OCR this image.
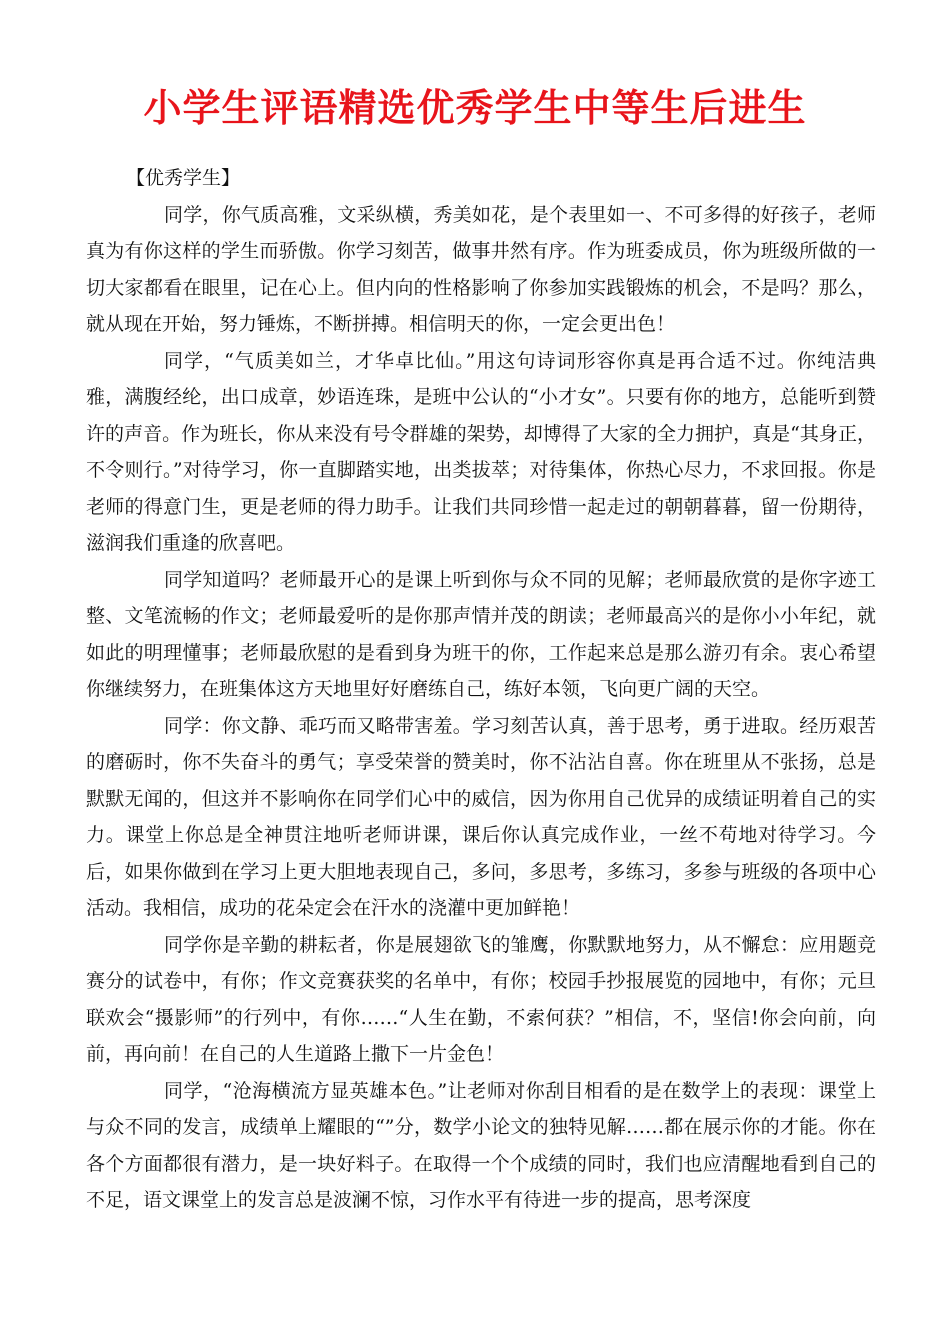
小学生评语精选优秀学生中等生后进生

【优秀学生】

同学，你气质高雅，文采纵横，秀美如花，是个表里如一、不可多得的好孩子，老师真为有你这样的学生而骄傲。你学习刻苦，做事井然有序。作为班委成员，你为班级所做的一切大家都看在眼里，记在心上。但内向的性格影响了你参加实践锻炼的机会，不是吗？那么，就从现在开始，努力锤炼，不断拼搏。相信明天的你，一定会更出色！

同学，“气质美如兰，才华卓比仙。”用这句诗词形容你真是再合适不过。你纯洁典雅，满腹经纶，出口成章，妙语连珠，是班中公认的“小才女”。只要有你的地方，总能听到赞许的声音。作为班长，你从来没有号令群雄的架势，却博得了大家的全力拥护，真是“其身正，不令则行。”对待学习，你一直脚踏实地，出类拔萃；对待集体，你热心尽力，不求回报。你是老师的得意门生，更是老师的得力助手。让我们共同珍惜一起走过的朝朝暮暮，留一份期待，滋润我们重逢的欣喜吧。

同学知道吗？老师最开心的是课上听到你与众不同的见解；老师最欣赏的是你字迹工整、文笔流畅的作文；老师最爱听的是你那声情并茂的朗读；老师最高兴的是你小小年纪，就如此的明理懂事；老师最欣慰的是看到身为班干的你，工作起来总是那么游刃有余。衷心希望你继续努力，在班集体这方天地里好好磨练自己，练好本领，飞向更广阔的天空。

同学：你文静、乖巧而又略带害羞。学习刻苦认真，善于思考，勇于进取。经历艰苦的磨砺时，你不失奋斗的勇气；享受荣誉的赞美时，你不沾沾自喜。你在班里从不张扬，总是默默无闻的，但这并不影响你在同学们心中的威信，因为你用自己优异的成绩证明着自己的实力。课堂上你总是全神贯注地听老师讲课，课后你认真完成作业，一丝不苟地对待学习。今后，如果你做到在学习上更大胆地表现自己，多问，多思考，多练习，多参与班级的各项中心活动。我相信，成功的花朵定会在汗水的浇灌中更加鲜艳！

同学你是辛勤的耕耘者，你是展翅欲飞的雏鹰，你默默地努力，从不懈怠：应用题竞赛分的试卷中，有你；作文竞赛获奖的名单中，有你；校园手抄报展览的园地中，有你；元旦联欢会“摄影师”的行列中，有你……“人生在勤，不索何获？”相信，不，坚信!你会向前，向前，再向前！在自己的人生道路上撒下一片金色！

同学，“沧海横流方显英雄本色。”让老师对你刮目相看的是在数学上的表现：课堂上与众不同的发言，成绩单上耀眼的“”分，数学小论文的独特见解……都在展示你的才能。你在各个方面都很有潜力，是一块好料子。在取得一个个成绩的同时，我们也应清醒地看到自己的不足，语文课堂上的发言总是波澜不惊，习作水平有待进一步的提高，思考深度
